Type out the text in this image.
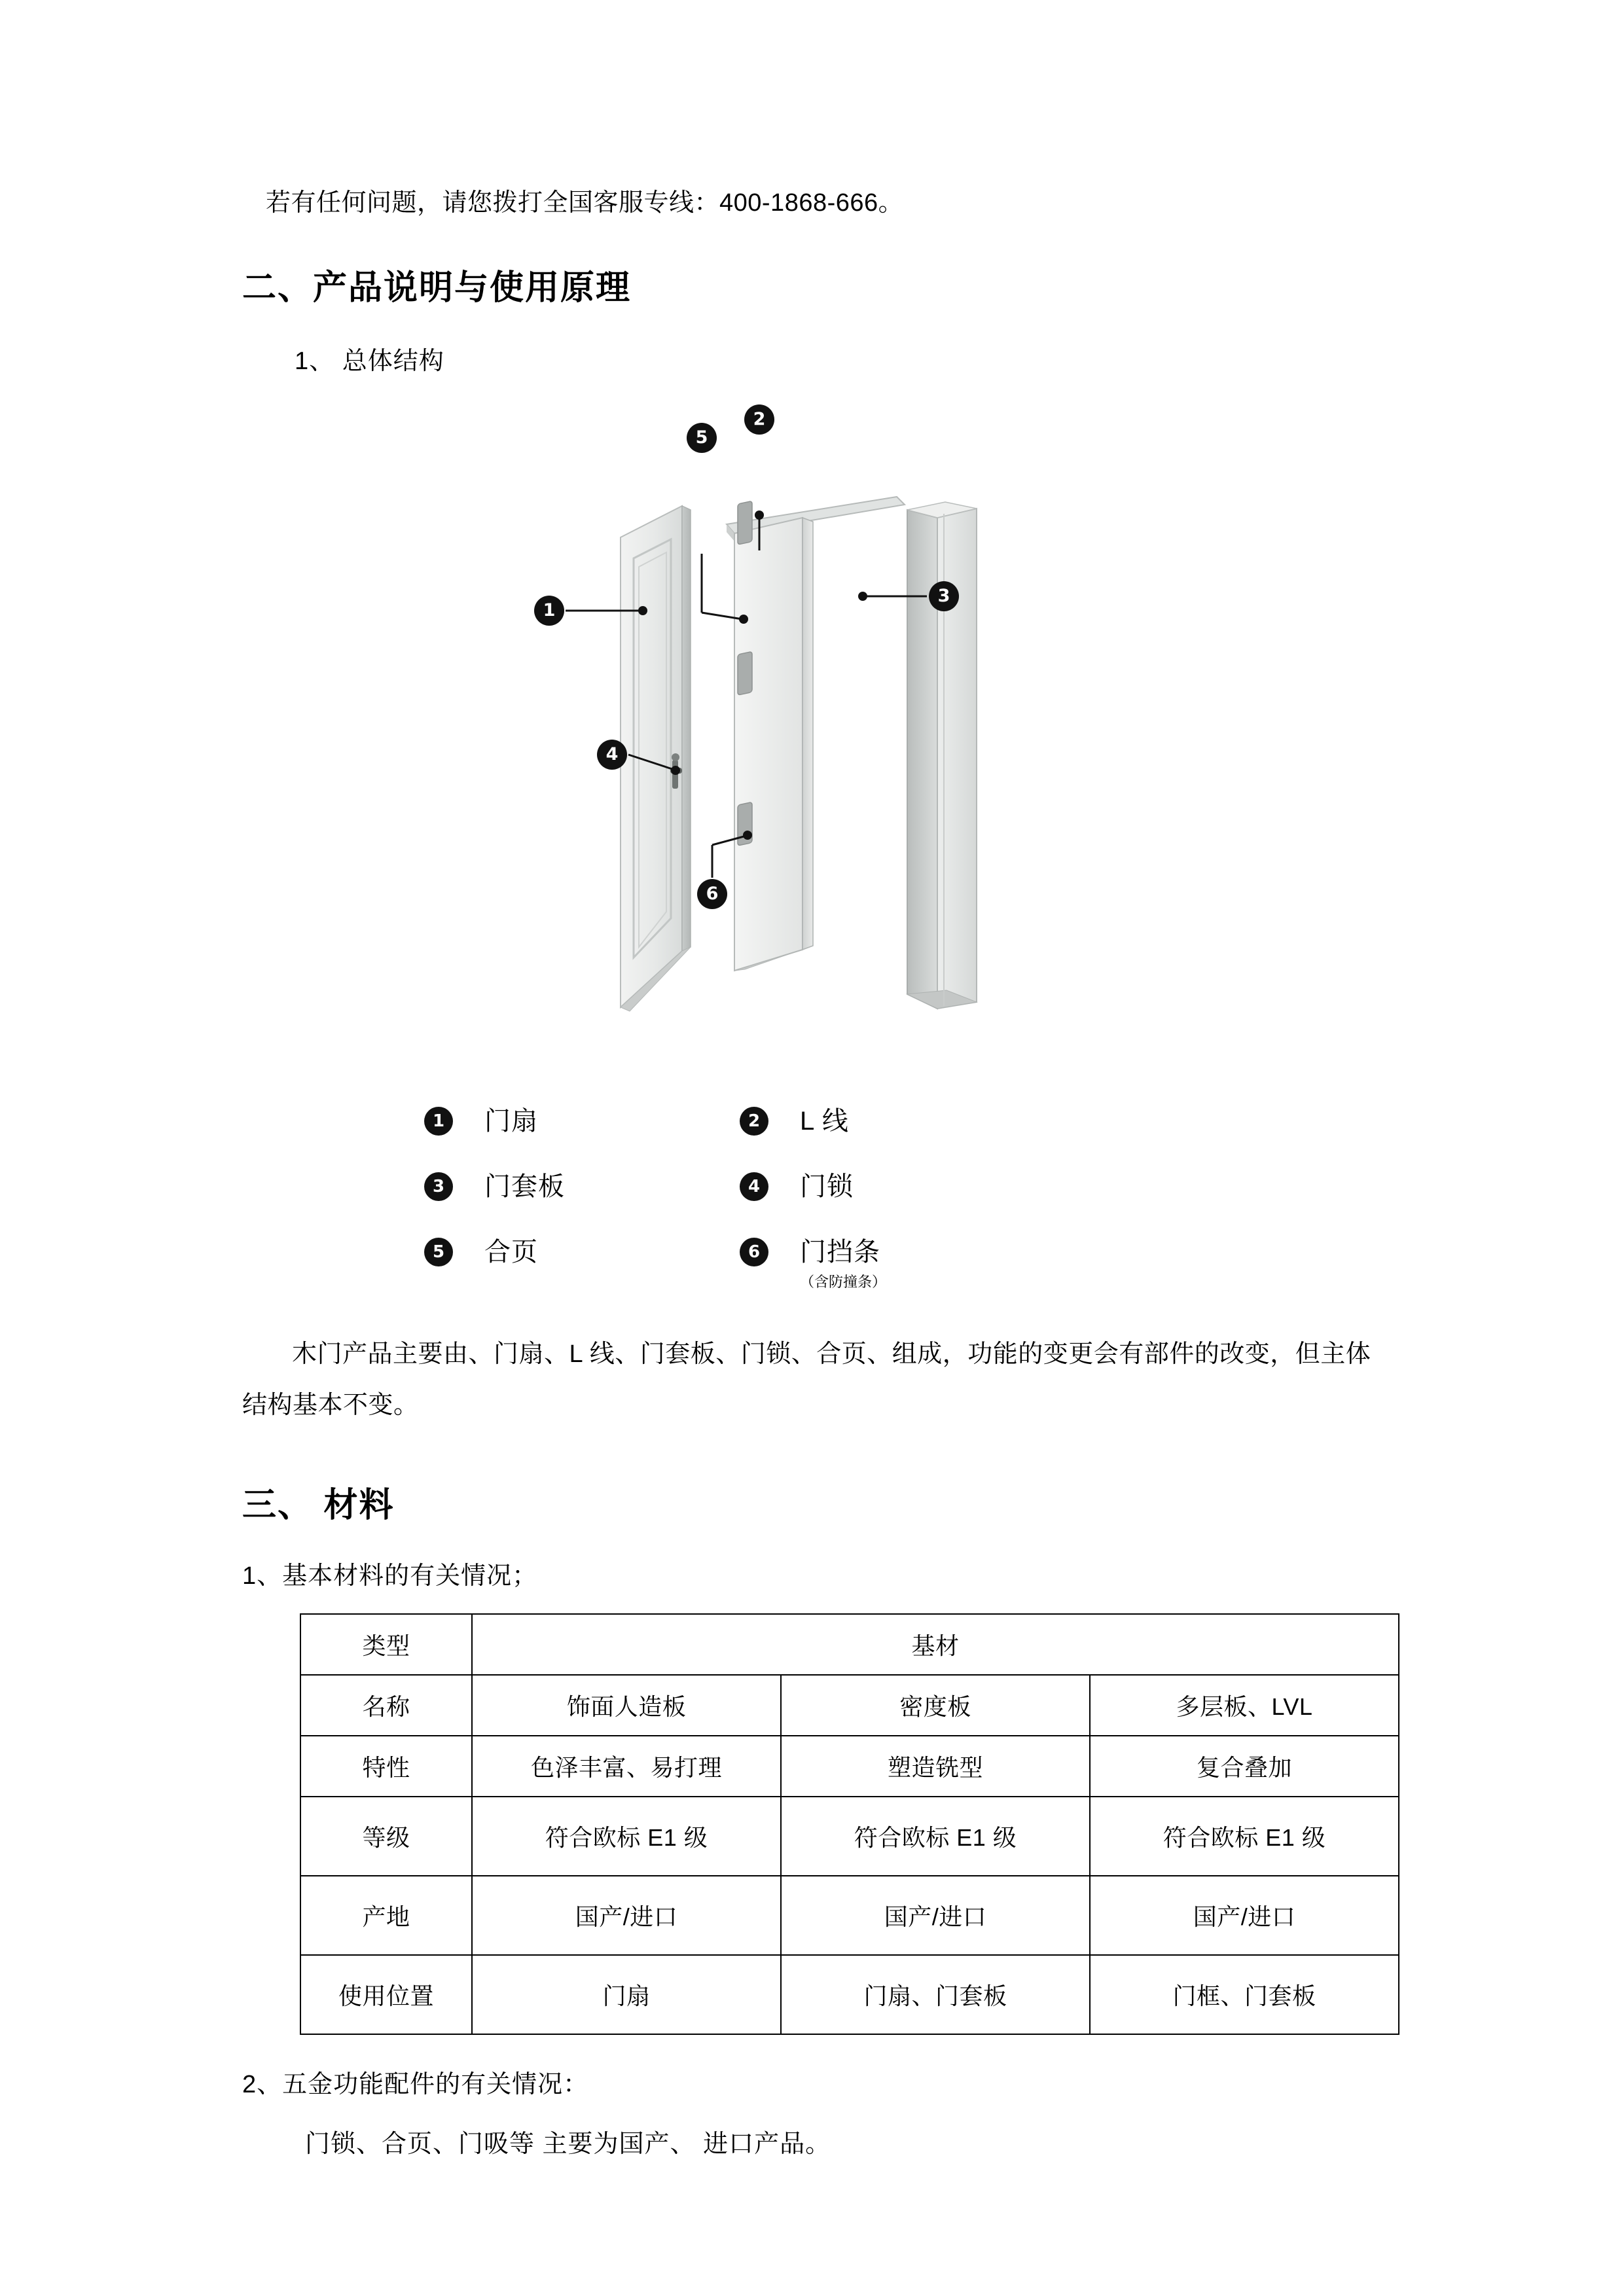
若有任何问题，请您拨打全国客服专线：400-1868-666。

二、产品说明与使用原理

1、 总体结构

1
2
3
4
5
6
1	门扇	2	L 线
3	门套板	4	门锁
5	合页	6	门挡条
（含防撞条）

木门产品主要由、门扇、L 线、门套板、门锁、合页、组成，功能的变更会有部件的改变，但主体结构基本不变。

三、 材料

1、基本材料的有关情况；

类型	基材		
名称	饰面人造板	密度板	多层板、LVL
特性	色泽丰富、易打理	塑造铣型	复合叠加
等级	符合欧标 E1 级	符合欧标 E1 级	符合欧标 E1 级
产地	国产/进口	国产/进口	国产/进口
使用位置	门扇	门扇、门套板	门框、门套板

2、五金功能配件的有关情况：

门锁、合页、门吸等 主要为国产、 进口产品。
